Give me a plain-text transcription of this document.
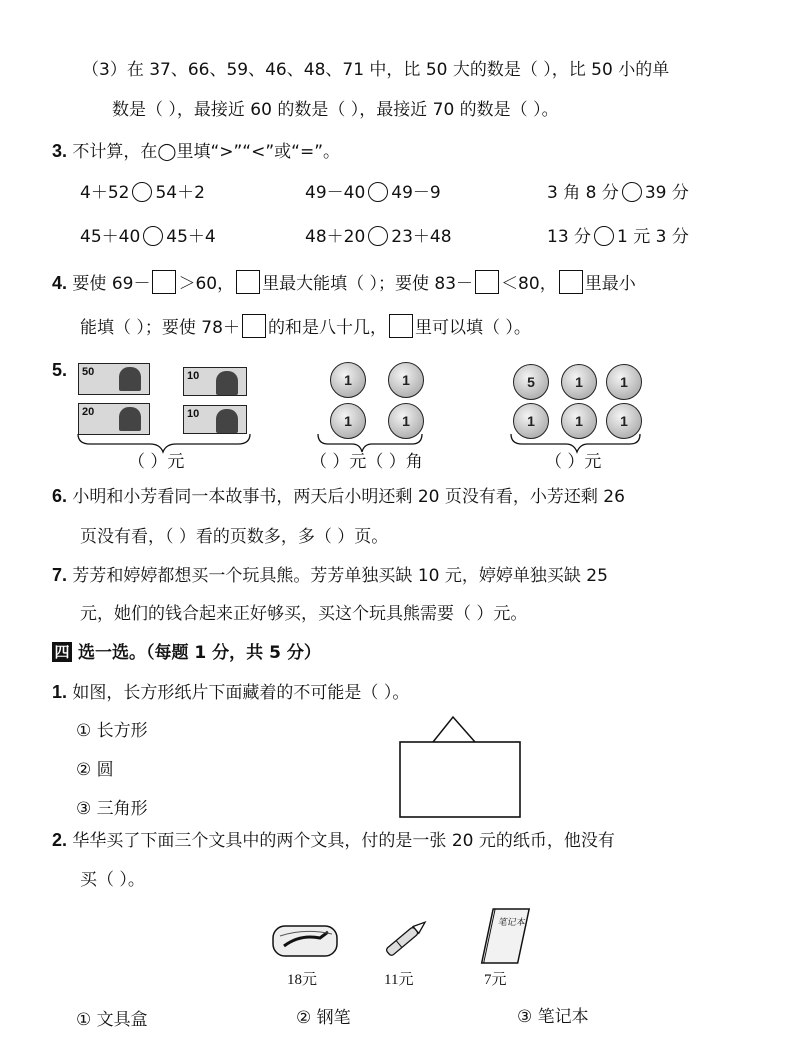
（3）在 37、66、59、46、48、71 中，比 50 大的数是（ ），比 50 小的单
数是（ ），最接近 60 的数是（ ），最接近 70 的数是（ ）。
3. 不计算，在◯里填“>”“<”或“=”。
4＋52 54＋2	49－40 49－9	3 角 8 分 39 分
45＋40 45＋4	48＋20 23＋48	13 分 1 元 3 分
4. 要使 69－ ＞60， 里最大能填（ ）；要使 83－ ＜80， 里最小
能填（ ）；要使 78＋ 的和是八十几， 里可以填（ ）。
5. 50	10
20	10
1	1
1	1
5	1	1
1	1	1
（ ）元	（ ）元（ ）角	（ ）元
6. 小明和小芳看同一本故事书，两天后小明还剩 20 页没有看，小芳还剩 26
页没有看，（ ）看的页数多，多（ ）页。
7. 芳芳和婷婷都想买一个玩具熊。芳芳单独买缺 10 元，婷婷单独买缺 25
元，她们的钱合起来正好够买，买这个玩具熊需要（ ）元。
四 选一选。（每题 1 分，共 5 分）
1. 如图，长方形纸片下面藏着的不可能是（ ）。
① 长方形
② 圆
③ 三角形
2. 华华买了下面三个文具中的两个文具，付的是一张 20 元的纸币，他没有
买（ ）。
笔记本
18元	11元	7元
① 文具盒	② 钢笔	③ 笔记本
